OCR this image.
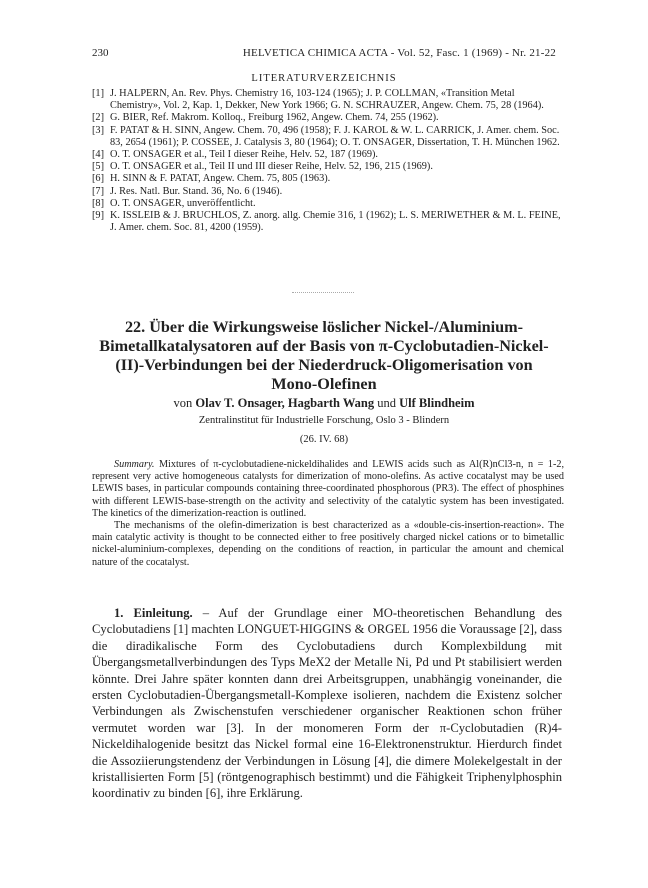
230	HELVETICA CHIMICA ACTA - Vol. 52, Fasc. 1 (1969) - Nr. 21-22
LITERATURVERZEICHNIS
[1] J. HALPERN, An. Rev. Phys. Chemistry 16, 103-124 (1965); J. P. COLLMAN, «Transition Metal Chemistry», Vol. 2, Kap. 1, Dekker, New York 1966; G. N. SCHRAUZER, Angew. Chem. 75, 28 (1964).
[2] G. BIER, Ref. Makrom. Kolloq., Freiburg 1962, Angew. Chem. 74, 255 (1962).
[3] F. PATAT & H. SINN, Angew. Chem. 70, 496 (1958); F. J. KAROL & W. L. CARRICK, J. Amer. chem. Soc. 83, 2654 (1961); P. COSSEE, J. Catalysis 3, 80 (1964); O. T. ONSAGER, Dissertation, T. H. München 1962.
[4] O. T. ONSAGER et al., Teil I dieser Reihe, Helv. 52, 187 (1969).
[5] O. T. ONSAGER et al., Teil II und III dieser Reihe, Helv. 52, 196, 215 (1969).
[6] H. SINN & F. PATAT, Angew. Chem. 75, 805 (1963).
[7] J. Res. Natl. Bur. Stand. 36, No. 6 (1946).
[8] O. T. ONSAGER, unveröffentlicht.
[9] K. ISSLEIB & J. BRUCHLOS, Z. anorg. allg. Chemie 316, 1 (1962); L. S. MERIWETHER & M. L. FEINE, J. Amer. chem. Soc. 81, 4200 (1959).
22. Über die Wirkungsweise löslicher Nickel-/Aluminium-Bimetallkatalysatoren auf der Basis von π-Cyclobutadien-Nickel-(II)-Verbindungen bei der Niederdruck-Oligomerisation von Mono-Olefinen
von Olav T. Onsager, Hagbarth Wang und Ulf Blindheim
Zentralinstitut für Industrielle Forschung, Oslo 3 - Blindern
(26. IV. 68)

Summary. Mixtures of π-cyclobutadiene-nickeldihalides and LEWIS acids such as Al(R)nCl3-n, n = 1-2, represent very active homogeneous catalysts for dimerization of mono-olefins. As active cocatalyst may be used LEWIS bases, in particular compounds containing three-coordinated phosphorous (PR3). The effect of phosphines with different LEWIS-base-strength on the activity and selectivity of the catalytic system has been investigated. The kinetics of the dimerization-reaction is outlined.

The mechanisms of the olefin-dimerization is best characterized as a «double-cis-insertion-reaction». The main catalytic activity is thought to be connected either to free positively charged nickel cations or to bimetallic nickel-aluminium-complexes, depending on the conditions of reaction, in particular the amount and chemical nature of the cocatalyst.

1. Einleitung. – Auf der Grundlage einer MO-theoretischen Behandlung des Cyclobutadiens [1] machten LONGUET-HIGGINS & ORGEL 1956 die Voraussage [2], dass die diradikalische Form des Cyclobutadiens durch Komplexbildung mit Übergangsmetallverbindungen des Typs MeX2 der Metalle Ni, Pd und Pt stabilisiert werden könnte. Drei Jahre später konnten dann drei Arbeitsgruppen, unabhängig voneinander, die ersten Cyclobutadien-Übergangsmetall-Komplexe isolieren, nachdem die Existenz solcher Verbindungen als Zwischenstufen verschiedener organischer Reaktionen schon früher vermutet worden war [3]. In der monomeren Form der π-Cyclobutadien (R)4-Nickeldihalogenide besitzt das Nickel formal eine 16-Elektronenstruktur. Hierdurch findet die Assoziierungstendenz der Verbindungen in Lösung [4], die dimere Molekelgestalt in der kristallisierten Form [5] (röntgenographisch bestimmt) und die Fähigkeit Triphenylphosphin koordinativ zu binden [6], ihre Erklärung.
